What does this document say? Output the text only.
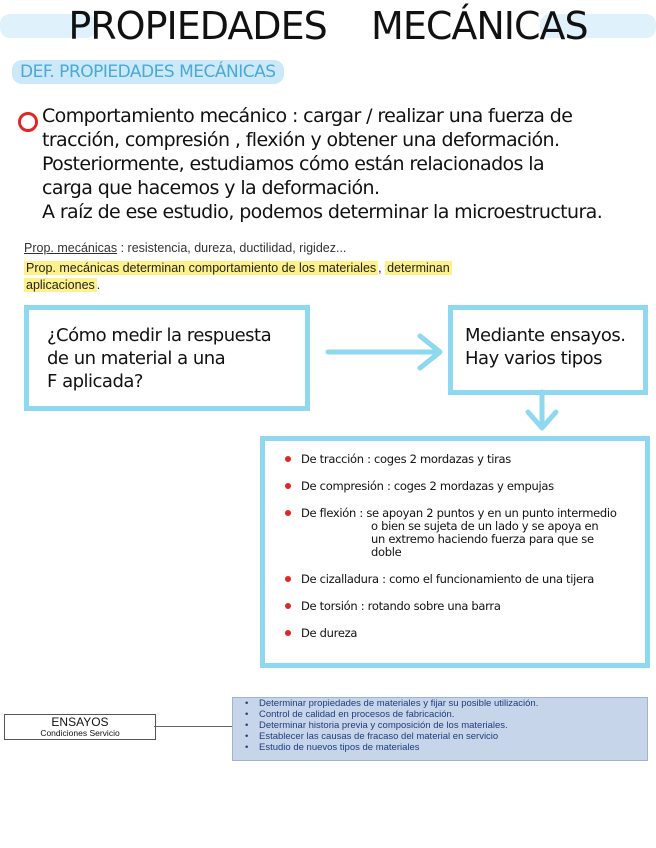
PROPIEDADES MECÁNICAS
DEF. PROPIEDADES MECÁNICAS
Comportamiento mecánico : cargar / realizar una fuerza de
tracción, compresión , flexión y obtener una deformación.
Posteriormente, estudiamos cómo están relacionados la
carga que hacemos y la deformación.
A raíz de ese estudio, podemos determinar la microestructura.
Prop. mecánicas : resistencia, dureza, ductilidad, rigidez...
Prop. mecánicas determinan comportamiento de los materiales , determinan
aplicaciones .
¿Cómo medir la respuesta
de un material a una
F aplicada?
Mediante ensayos.
Hay varios tipos
De tracción : coges 2 mordazas y tiras
De compresión : coges 2 mordazas y empujas
De flexión : se apoyan 2 puntos y en un punto intermedio
o bien se sujeta de un lado y se apoya en
un extremo haciendo fuerza para que se
doble
De cizalladura : como el funcionamiento de una tijera
De torsión : rotando sobre una barra
De dureza
ENSAYOS
Condiciones Servicio
• Determinar propiedades de materiales y fijar su posible utilización.
• Control de calidad en procesos de fabricación.
• Determinar historia previa y composición de los materiales.
• Establecer las causas de fracaso del material en servicio
• Estudio de nuevos tipos de materiales
